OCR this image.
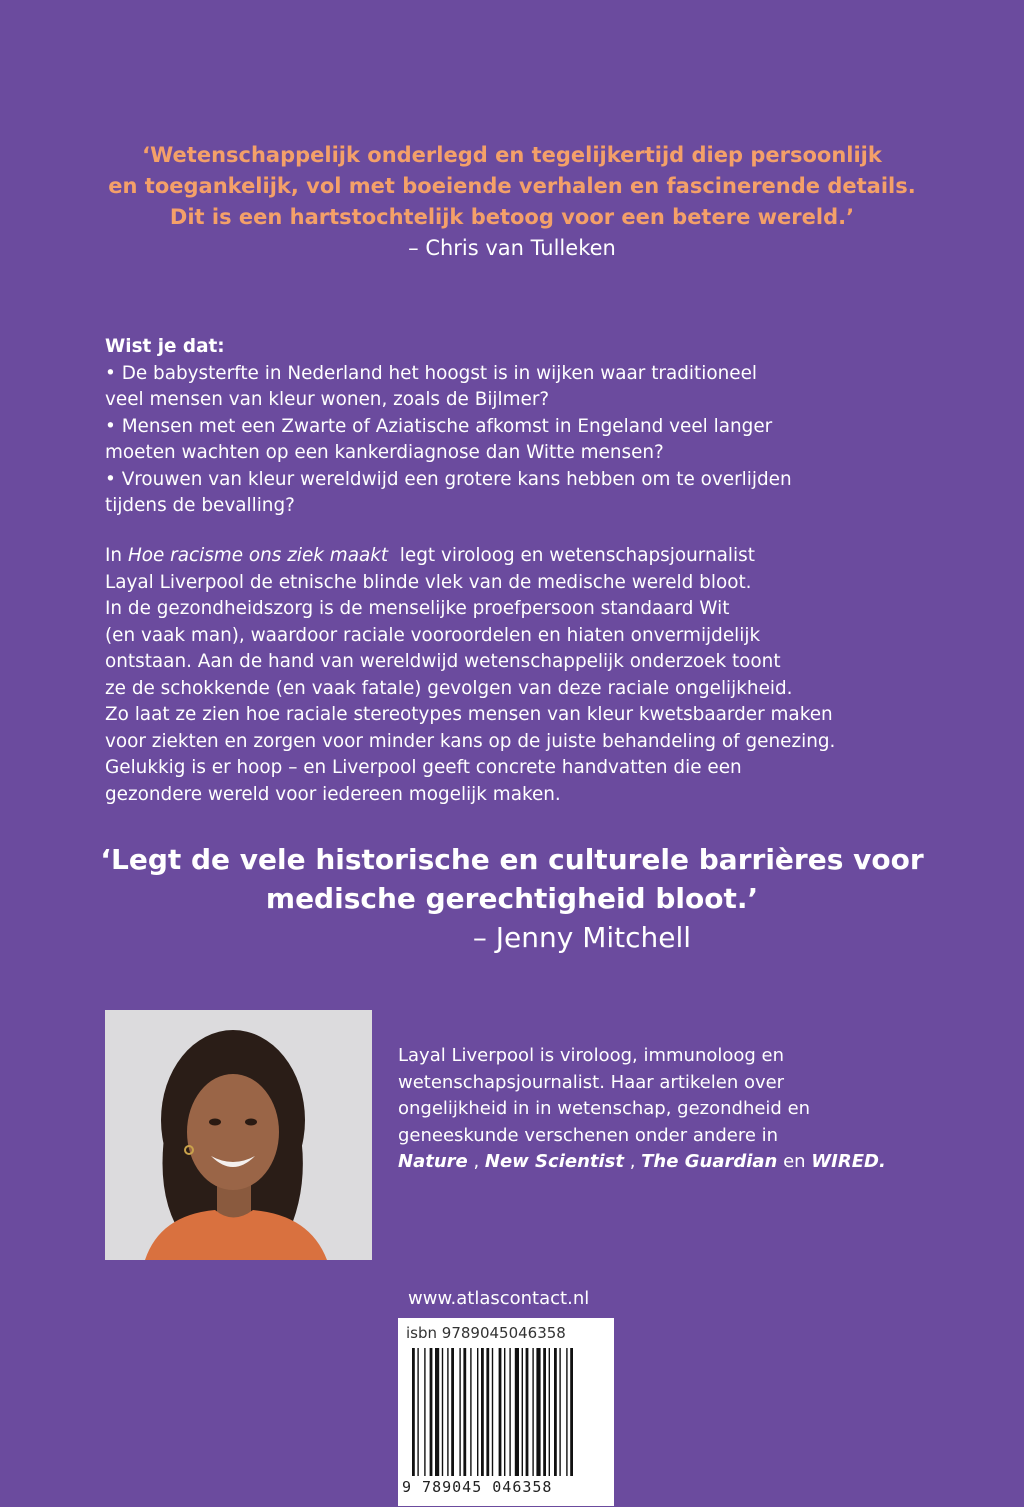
‘Wetenschappelijk onderlegd en tegelijkertijd diep persoonlijk
en toegankelijk, vol met boeiende verhalen en fascinerende details.
Dit is een hartstochtelijk betoog voor een betere wereld.’
– Chris van Tulleken
Wist je dat:
• De babysterfte in Nederland het hoogst is in wijken waar traditioneel
veel mensen van kleur wonen, zoals de Bijlmer?
• Mensen met een Zwarte of Aziatische afkomst in Engeland veel langer
moeten wachten op een kankerdiagnose dan Witte mensen?
• Vrouwen van kleur wereldwijd een grotere kans hebben om te overlijden
tijdens de bevalling?
In Hoe racisme ons ziek maakt  legt viroloog en wetenschapsjournalist
Layal Liverpool de etnische blinde vlek van de medische wereld bloot.
In de gezondheidszorg is de menselijke proefpersoon standaard Wit
(en vaak man), waardoor raciale vooroordelen en hiaten onvermijdelijk
ontstaan. Aan de hand van wereldwijd wetenschappelijk onderzoek toont
ze de schokkende (en vaak fatale) gevolgen van deze raciale ongelijkheid.
Zo laat ze zien hoe raciale stereotypes mensen van kleur kwetsbaarder maken
voor ziekten en zorgen voor minder kans op de juiste behandeling of genezing.
Gelukkig is er hoop – en Liverpool geeft concrete handvatten die een
gezondere wereld voor iedereen mogelijk maken.
‘Legt de vele historische en culturele barrières voor
medische gerechtigheid bloot.’
– Jenny Mitchell
Layal Liverpool is viroloog, immunoloog en
wetenschapsjournalist. Haar artikelen over
ongelijkheid in in wetenschap, gezondheid en
geneeskunde verschenen onder andere in
Nature , New Scientist , The Guardian en WIRED.
www.atlascontact.nl
isbn 9789045046358
9 789045 046358
